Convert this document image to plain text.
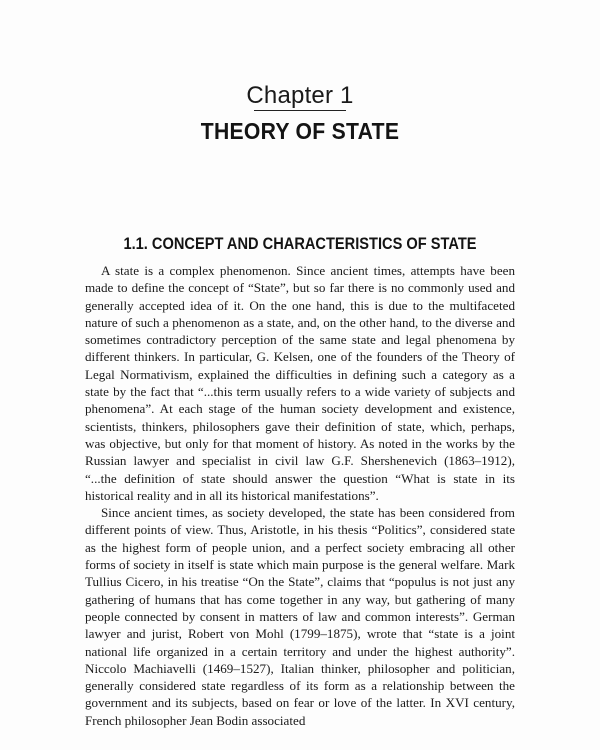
Chapter 1
THEORY OF STATE
1.1. CONCEPT AND CHARACTERISTICS OF STATE

A state is a complex phenomenon. Since ancient times, attempts have been made to define the concept of “State”, but so far there is no commonly used and generally accepted idea of it. On the one hand, this is due to the multifaceted nature of such a phenomenon as a state, and, on the other hand, to the diverse and sometimes contradictory perception of the same state and legal phenomena by different thinkers. In particular, G. Kelsen, one of the founders of the Theory of Legal Normativism, explained the difficulties in defining such a category as a state by the fact that “...this term usually refers to a wide variety of subjects and phenomena”. At each stage of the human society development and existence, scientists, thinkers, philosophers gave their definition of state, which, perhaps, was objective, but only for that moment of history. As noted in the works by the Russian lawyer and specialist in civil law G.F. Shershenevich (1863–1912), “...the definition of state should answer the question “What is state in its historical reality and in all its historical manifestations”.

Since ancient times, as society developed, the state has been considered from different points of view. Thus, Aristotle, in his thesis “Politics”, considered state as the highest form of people union, and a perfect society embracing all other forms of society in itself is state which main purpose is the general welfare. Mark Tullius Cicero, in his treatise “On the State”, claims that “populus is not just any gathering of humans that has come together in any way, but gathering of many people connected by consent in matters of law and common interests”. German lawyer and jurist, Robert von Mohl (1799–1875), wrote that “state is a joint national life organized in a certain territory and under the highest authority”. Niccolo Machiavelli (1469–1527), Italian thinker, philosopher and politician, generally considered state regardless of its form as a relationship between the government and its subjects, based on fear or love of the latter. In XVI century, French philosopher Jean Bodin associated
